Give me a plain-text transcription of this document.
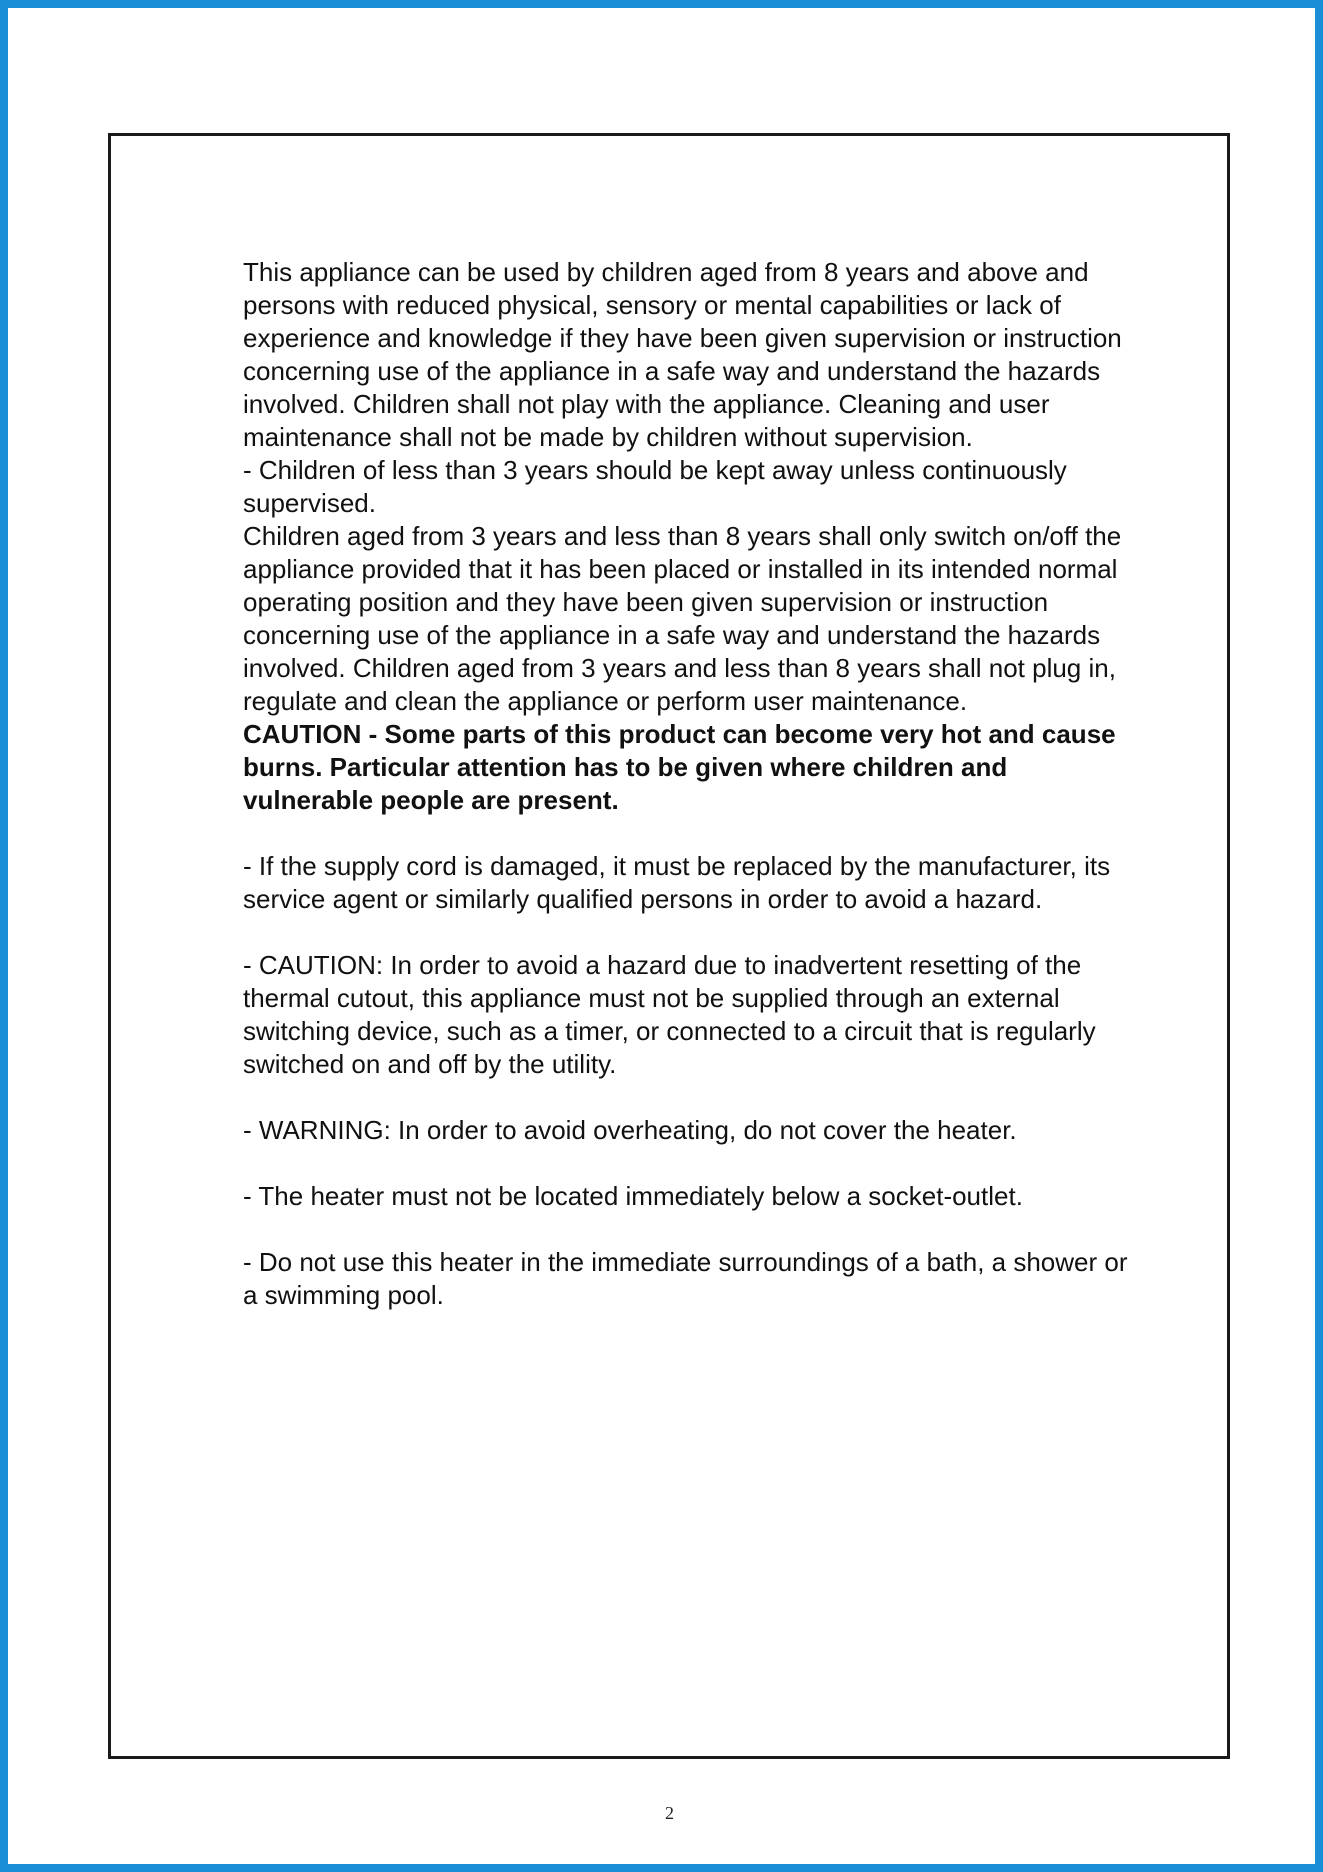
This appliance can be used by children aged from 8 years and above and persons with reduced physical, sensory or mental capabilities or lack of experience and knowledge if they have been given supervision or instruction concerning use of the appliance in a safe way and understand the hazards involved. Children shall not play with the appliance. Cleaning and user maintenance shall not be made by children without supervision.

- Children of less than 3 years should be kept away unless continuously supervised.

Children aged from 3 years and less than 8 years shall only switch on/off the appliance provided that it has been placed or installed in its intended normal operating position and they have been given supervision or instruction concerning use of the appliance in a safe way and understand the hazards involved. Children aged from 3 years and less than 8 years shall not plug in, regulate and clean the appliance or perform user maintenance.

CAUTION - Some parts of this product can become very hot and cause burns. Particular attention has to be given where children and vulnerable people are present.

- If the supply cord is damaged, it must be replaced by the manufacturer, its service agent or similarly qualified persons in order to avoid a hazard.

- CAUTION: In order to avoid a hazard due to inadvertent resetting of the thermal cutout, this appliance must not be supplied through an external switching device, such as a timer, or connected to a circuit that is regularly switched on and off by the utility.

- WARNING: In order to avoid overheating, do not cover the heater.

- The heater must not be located immediately below a socket-outlet.

- Do not use this heater in the immediate surroundings of a bath, a shower or a swimming pool.

2
